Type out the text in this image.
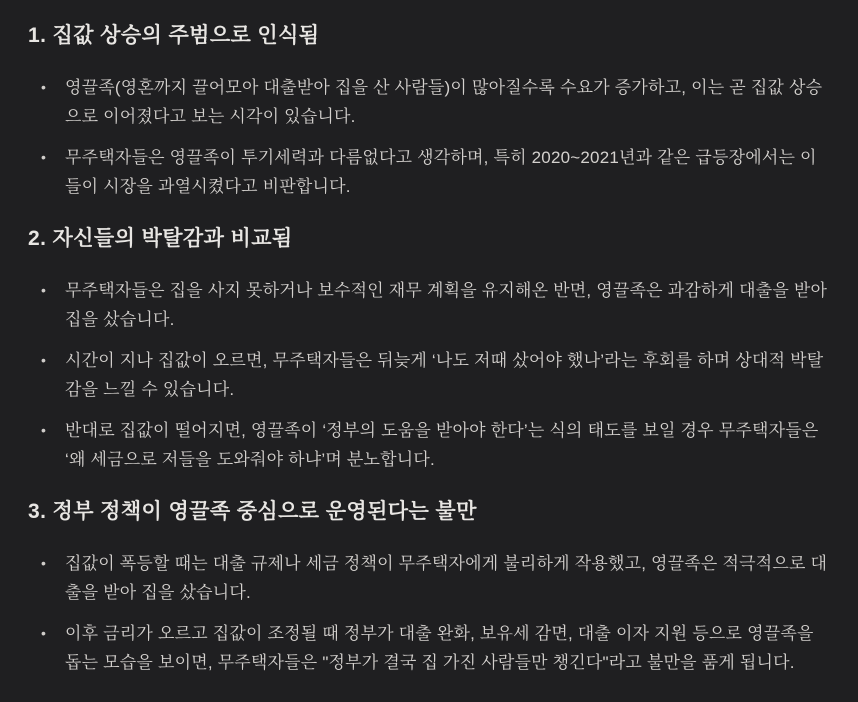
1. 집값 상승의 주범으로 인식됨
• 영끌족(영혼까지 끌어모아 대출받아 집을 산 사람들)이 많아질수록 수요가 증가하고, 이는 곧 집값 상승으로 이어졌다고 보는 시각이 있습니다.
• 무주택자들은 영끌족이 투기세력과 다름없다고 생각하며, 특히 2020~2021년과 같은 급등장에서는 이들이 시장을 과열시켰다고 비판합니다.
2. 자신들의 박탈감과 비교됨
• 무주택자들은 집을 사지 못하거나 보수적인 재무 계획을 유지해온 반면, 영끌족은 과감하게 대출을 받아 집을 샀습니다.
• 시간이 지나 집값이 오르면, 무주택자들은 뒤늦게 ‘나도 저때 샀어야 했나’라는 후회를 하며 상대적 박탈감을 느낄 수 있습니다.
• 반대로 집값이 떨어지면, 영끌족이 ‘정부의 도움을 받아야 한다’는 식의 태도를 보일 경우 무주택자들은 ‘왜 세금으로 저들을 도와줘야 하냐’며 분노합니다.
3. 정부 정책이 영끌족 중심으로 운영된다는 불만
• 집값이 폭등할 때는 대출 규제나 세금 정책이 무주택자에게 불리하게 작용했고, 영끌족은 적극적으로 대출을 받아 집을 샀습니다.
• 이후 금리가 오르고 집값이 조정될 때 정부가 대출 완화, 보유세 감면, 대출 이자 지원 등으로 영끌족을 돕는 모습을 보이면, 무주택자들은 "정부가 결국 집 가진 사람들만 챙긴다"라고 불만을 품게 됩니다.
